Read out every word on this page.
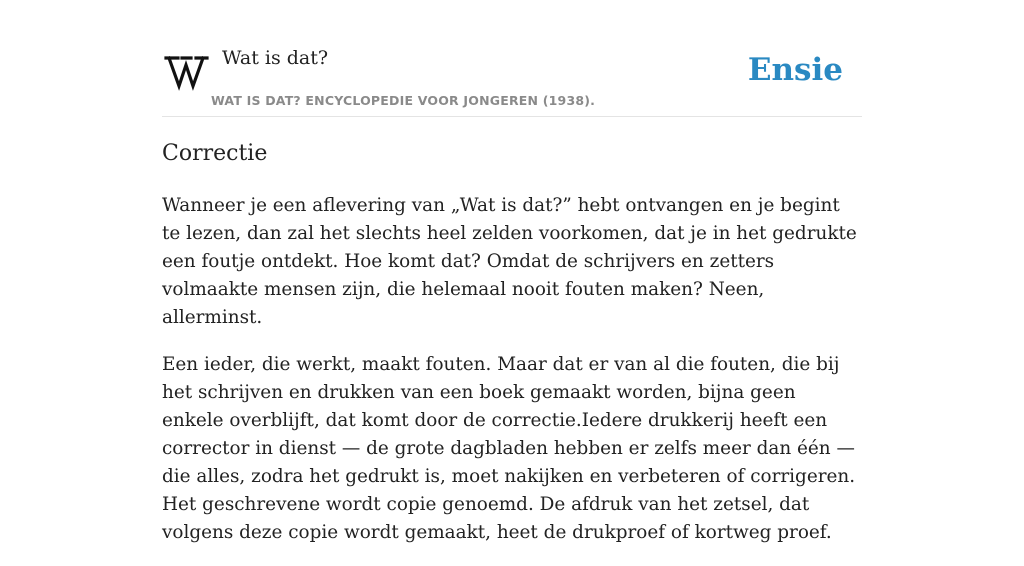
Wat is dat?
WAT IS DAT? ENCYCLOPEDIE VOOR JONGEREN (1938).
Ensie
Correctie

Wanneer je een aflevering van „Wat is dat?” hebt ontvangen en je begint te lezen, dan zal het slechts heel zelden voorkomen, dat je in het gedrukte een foutje ontdekt. Hoe komt dat? Omdat de schrijvers en zetters volmaakte mensen zijn, die helemaal nooit fouten maken? Neen, allerminst.

Een ieder, die werkt, maakt fouten. Maar dat er van al die fouten, die bij het schrijven en drukken van een boek gemaakt worden, bijna geen enkele overblijft, dat komt door de correctie.Iedere drukkerij heeft een corrector in dienst — de grote dagbladen hebben er zelfs meer dan één — die alles, zodra het gedrukt is, moet nakijken en verbeteren of corrigeren. Het geschrevene wordt copie genoemd. De afdruk van het zetsel, dat volgens deze copie wordt gemaakt, heet de drukproef of kortweg proef.
